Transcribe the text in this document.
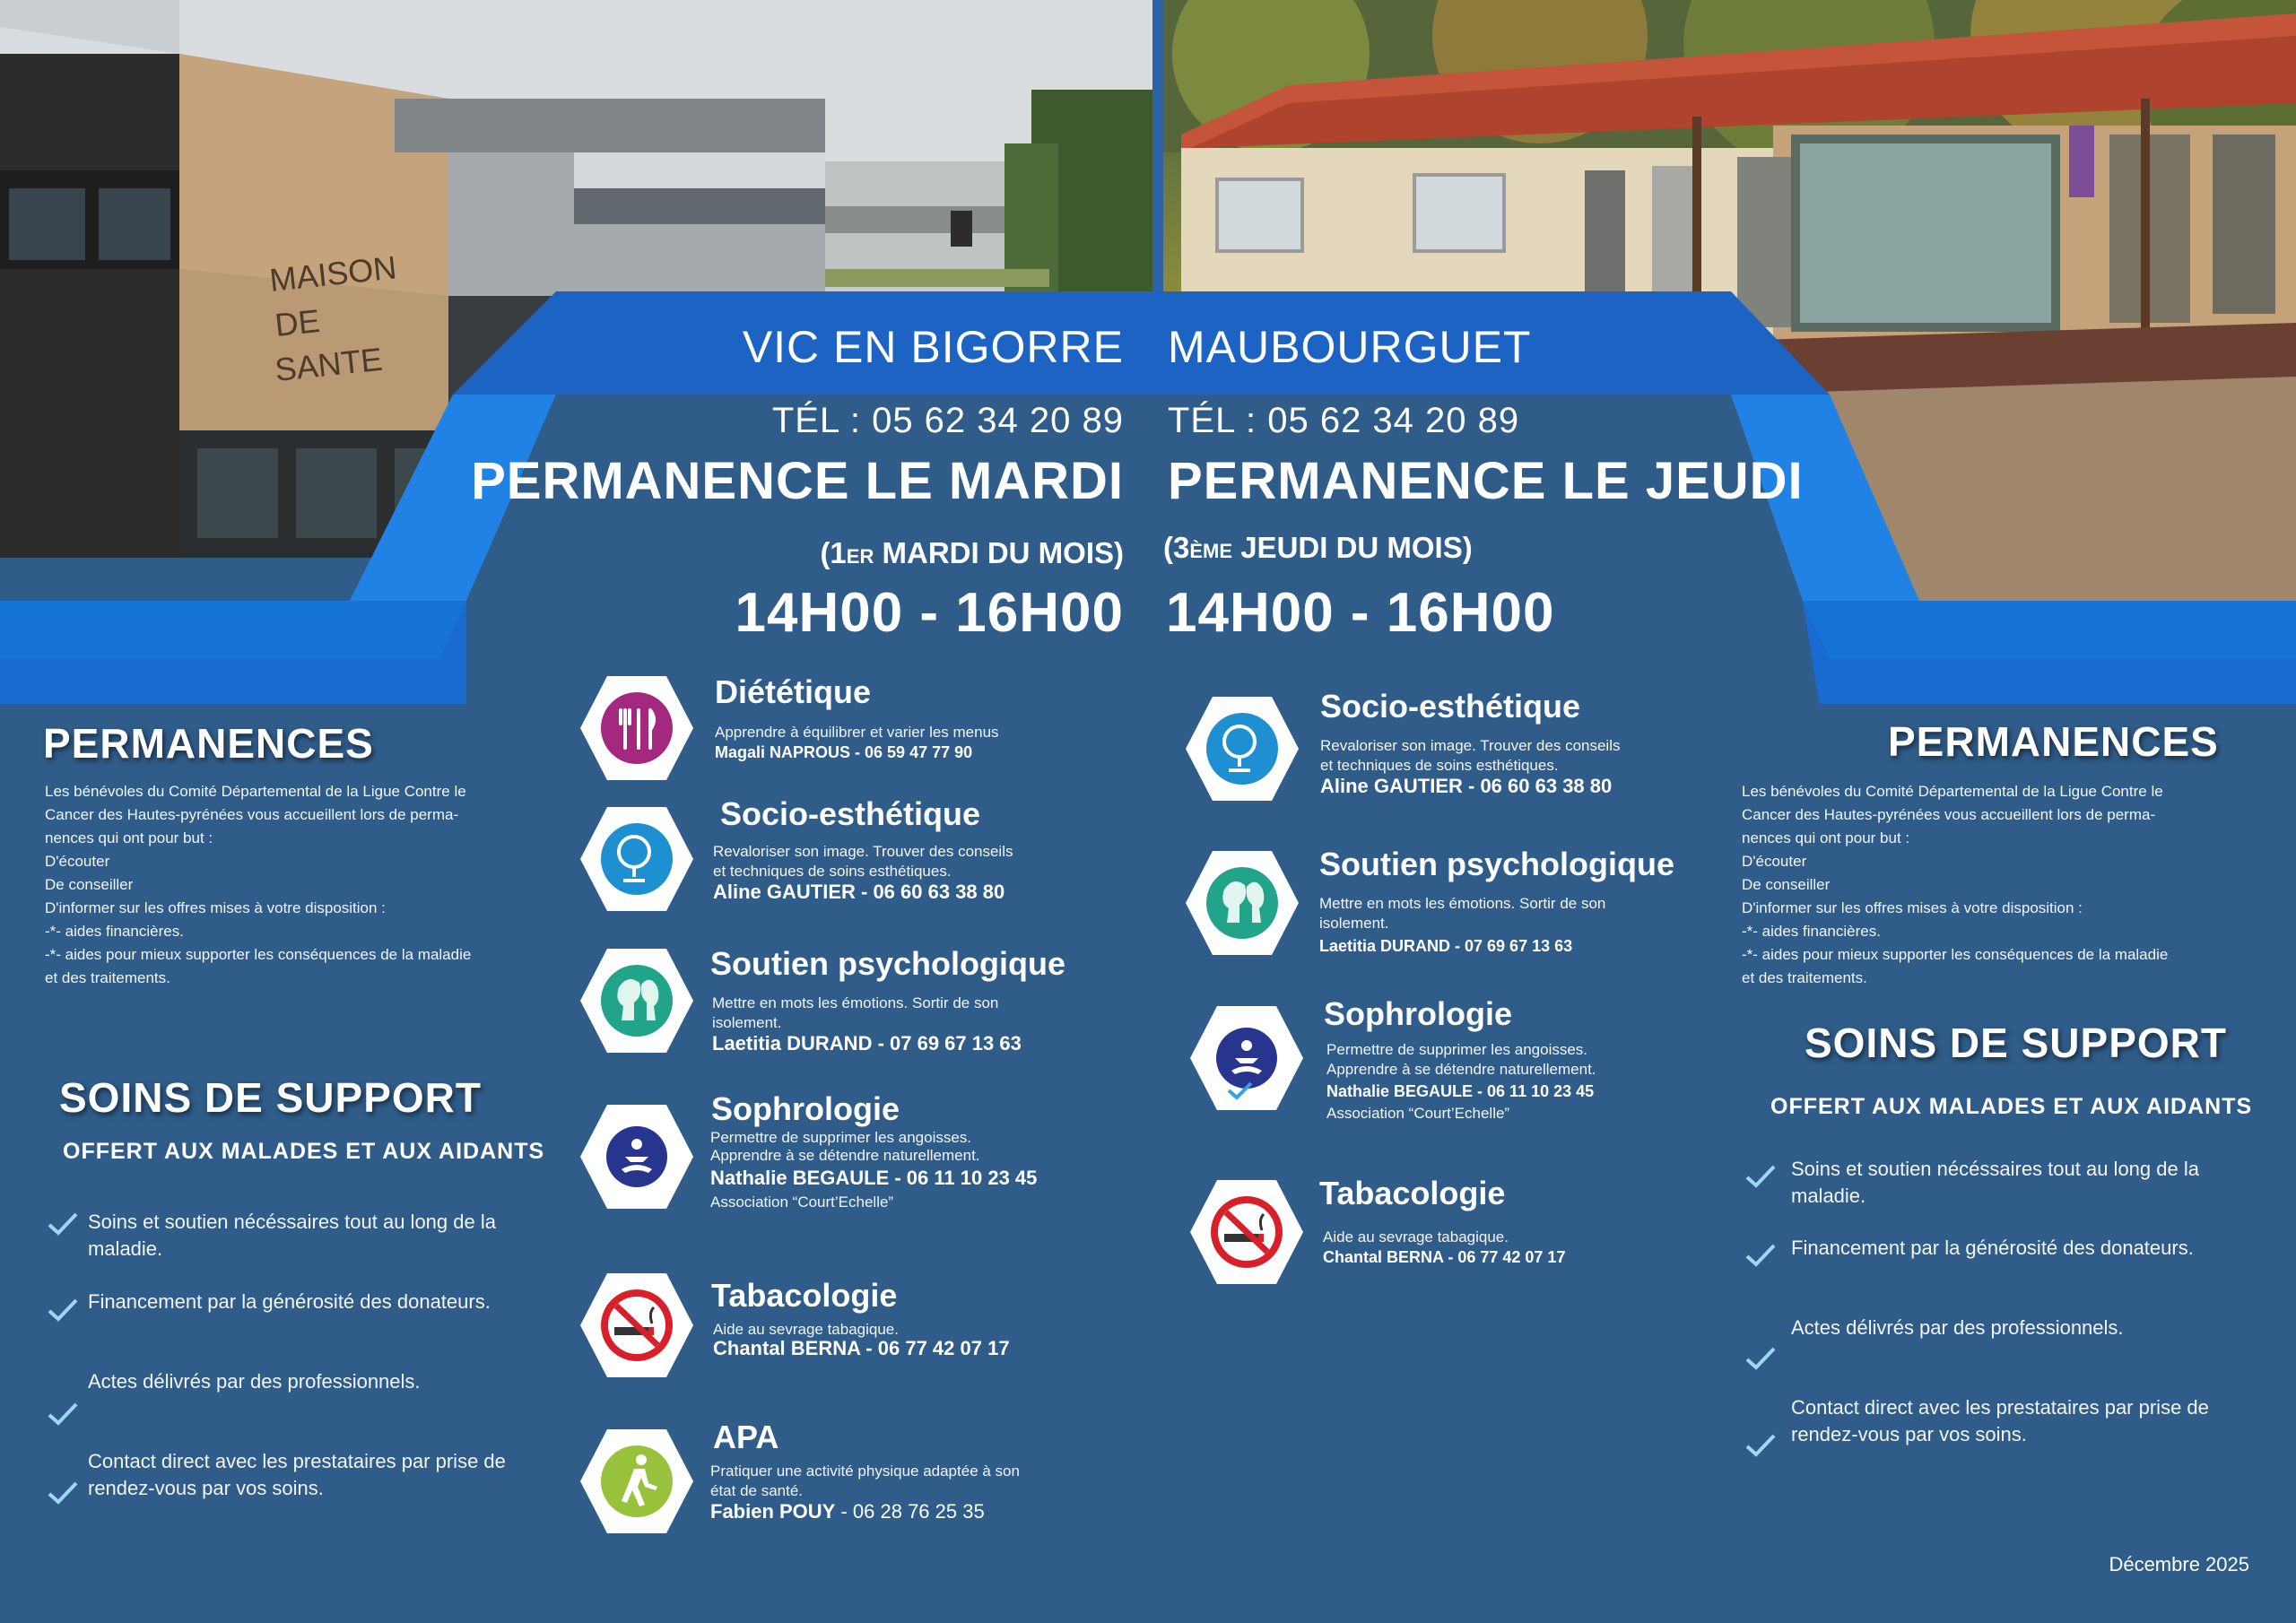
MAISON
DE
SANTE	VIC EN BIGORRE
TÉL : 05 62 34 20 89
PERMANENCE LE MARDI
(1ER MARDI DU MOIS)
14H00 - 16H00
MAUBOURGUET
TÉL : 05 62 34 20 89
PERMANENCE LE JEUDI
(3ÈME JEUDI DU MOIS)
14H00 - 16H00
PERMANENCES
Les bénévoles du Comité Départemental de la Ligue Contre le
Cancer des Hautes-pyrénées vous accueillent lors de perma-
nences qui ont pour but :
D'écouter
De conseiller
D'informer sur les offres mises à votre disposition :
-*- aides financières.
-*- aides pour mieux supporter les conséquences de la maladie
et des traitements.
SOINS DE SUPPORT
OFFERT AUX MALADES ET AUX AIDANTS
Soins et soutien nécéssaires tout au long de la maladie.
Financement par la générosité des donateurs.
Actes délivrés par des professionnels.
Contact direct avec les prestataires par prise de rendez-vous par vos soins.
PERMANENCES
Les bénévoles du Comité Départemental de la Ligue Contre le
Cancer des Hautes-pyrénées vous accueillent lors de perma-
nences qui ont pour but :
D'écouter
De conseiller
D'informer sur les offres mises à votre disposition :
-*- aides financières.
-*- aides pour mieux supporter les conséquences de la maladie
et des traitements.
SOINS DE SUPPORT
OFFERT AUX MALADES ET AUX AIDANTS
Soins et soutien nécéssaires tout au long de la maladie.
Financement par la générosité des donateurs.
Actes délivrés par des professionnels.
Contact direct avec les prestataires par prise de rendez-vous par vos soins.
Diététique
Apprendre à équilibrer et varier les menus
Magali NAPROUS - 06 59 47 77 90
Socio-esthétique
Revaloriser son image. Trouver des conseils
et techniques de soins esthétiques.
Aline GAUTIER - 06 60 63 38 80
Soutien psychologique
Mettre en mots les émotions. Sortir de son
isolement.
Laetitia DURAND - 07 69 67 13 63
Sophrologie
Permettre de supprimer les angoisses.
Apprendre à se détendre naturellement.
Nathalie BEGAULE - 06 11 10 23 45
Association “Court’Echelle”
Tabacologie
Aide au sevrage tabagique.
Chantal BERNA - 06 77 42 07 17
APA
Pratiquer une activité physique adaptée à son
état de santé.
Fabien POUY - 06 28 76 25 35
Socio-esthétique
Revaloriser son image. Trouver des conseils
et techniques de soins esthétiques.
Aline GAUTIER - 06 60 63 38 80
Soutien psychologique
Mettre en mots les émotions. Sortir de son
isolement.
Laetitia DURAND - 07 69 67 13 63
Sophrologie
Permettre de supprimer les angoisses.
Apprendre à se détendre naturellement.
Nathalie BEGAULE - 06 11 10 23 45
Association “Court’Echelle”
Tabacologie
Aide au sevrage tabagique.
Chantal BERNA - 06 77 42 07 17
Décembre 2025
